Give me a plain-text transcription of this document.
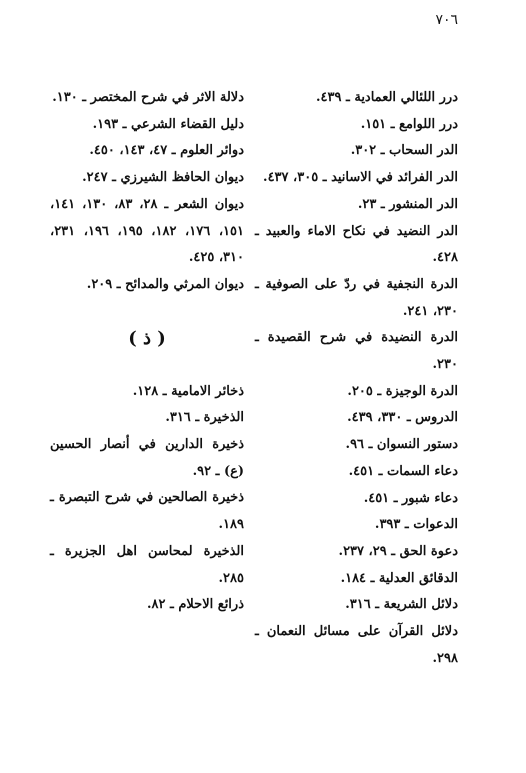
٧٠٦

درر اللئالي العمادية ـ ٤٣٩.

درر اللوامع ـ ١٥١.

الدر السحاب ـ ٣٠٢.

الدر الفرائد في الاسانيد ـ ٣٠٥، ٤٣٧.

الدر المنشور ـ ٢٣.

الدر النضيد في نكاح الاماء والعبيد ـ ٤٢٨.

الدرة النجفية في ردّ على الصوفية ـ ٢٣٠، ٢٤١.

الدرة النضيدة في شرح القصيدة ـ ٢٣٠.

الدرة الوجيزة ـ ٢٠٥.

الدروس ـ ٣٣٠، ٤٣٩.

دستور النسوان ـ ٩٦.

دعاء السمات ـ ٤٥١.

دعاء شبور ـ ٤٥١.

الدعوات ـ ٣٩٣.

دعوة الحق ـ ٢٩، ٢٣٧.

الدقائق العدلية ـ ١٨٤.

دلائل الشريعة ـ ٣١٦.

دلائل القرآن على مسائل النعمان ـ ٢٩٨.

دلالة الاثر في شرح المختصر ـ ١٣٠.

دليل القضاء الشرعي ـ ١٩٣.

دوائر العلوم ـ ٤٧، ١٤٣، ٤٥٠.

ديوان الحافظ الشيرزي ـ ٢٤٧.

ديوان الشعر ـ ٢٨، ٨٣، ١٣٠، ١٤١، ١٥١، ١٧٦، ١٨٢، ١٩٥، ١٩٦، ٢٣١، ٣١٠، ٤٢٥.

ديوان المرثي والمدائح ـ ٢٠٩.

( ذ )

ذخائر الامامية ـ ١٢٨.

الذخيرة ـ ٣١٦.

ذخيرة الدارين في أنصار الحسين (ع) ـ ٩٢.

ذخيرة الصالحين في شرح التبصرة ـ ١٨٩.

الذخيرة لمحاسن اهل الجزيرة ـ ٢٨٥.

ذرائع الاحلام ـ ٨٢.
